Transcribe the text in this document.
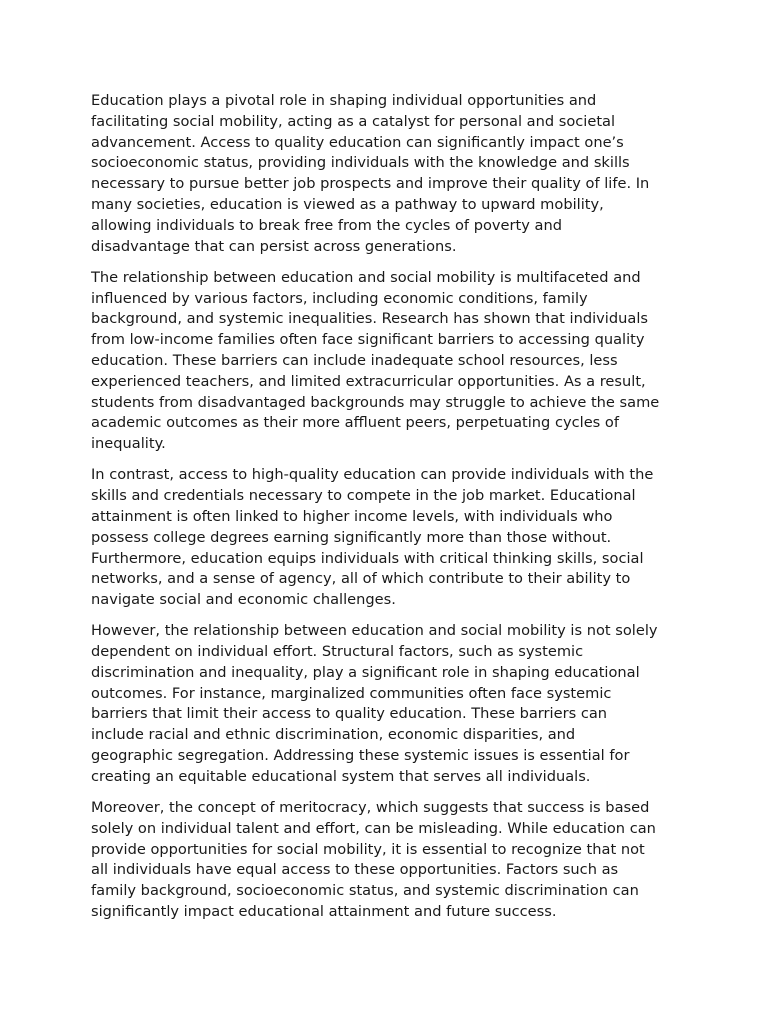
Education plays a pivotal role in shaping individual opportunities and
facilitating social mobility, acting as a catalyst for personal and societal
advancement. Access to quality education can significantly impact one’s
socioeconomic status, providing individuals with the knowledge and skills
necessary to pursue better job prospects and improve their quality of life. In
many societies, education is viewed as a pathway to upward mobility,
allowing individuals to break free from the cycles of poverty and
disadvantage that can persist across generations.

The relationship between education and social mobility is multifaceted and
influenced by various factors, including economic conditions, family
background, and systemic inequalities. Research has shown that individuals
from low-income families often face significant barriers to accessing quality
education. These barriers can include inadequate school resources, less
experienced teachers, and limited extracurricular opportunities. As a result,
students from disadvantaged backgrounds may struggle to achieve the same
academic outcomes as their more affluent peers, perpetuating cycles of
inequality.

In contrast, access to high-quality education can provide individuals with the
skills and credentials necessary to compete in the job market. Educational
attainment is often linked to higher income levels, with individuals who
possess college degrees earning significantly more than those without.
Furthermore, education equips individuals with critical thinking skills, social
networks, and a sense of agency, all of which contribute to their ability to
navigate social and economic challenges.

However, the relationship between education and social mobility is not solely
dependent on individual effort. Structural factors, such as systemic
discrimination and inequality, play a significant role in shaping educational
outcomes. For instance, marginalized communities often face systemic
barriers that limit their access to quality education. These barriers can
include racial and ethnic discrimination, economic disparities, and
geographic segregation. Addressing these systemic issues is essential for
creating an equitable educational system that serves all individuals.

Moreover, the concept of meritocracy, which suggests that success is based
solely on individual talent and effort, can be misleading. While education can
provide opportunities for social mobility, it is essential to recognize that not
all individuals have equal access to these opportunities. Factors such as
family background, socioeconomic status, and systemic discrimination can
significantly impact educational attainment and future success.
